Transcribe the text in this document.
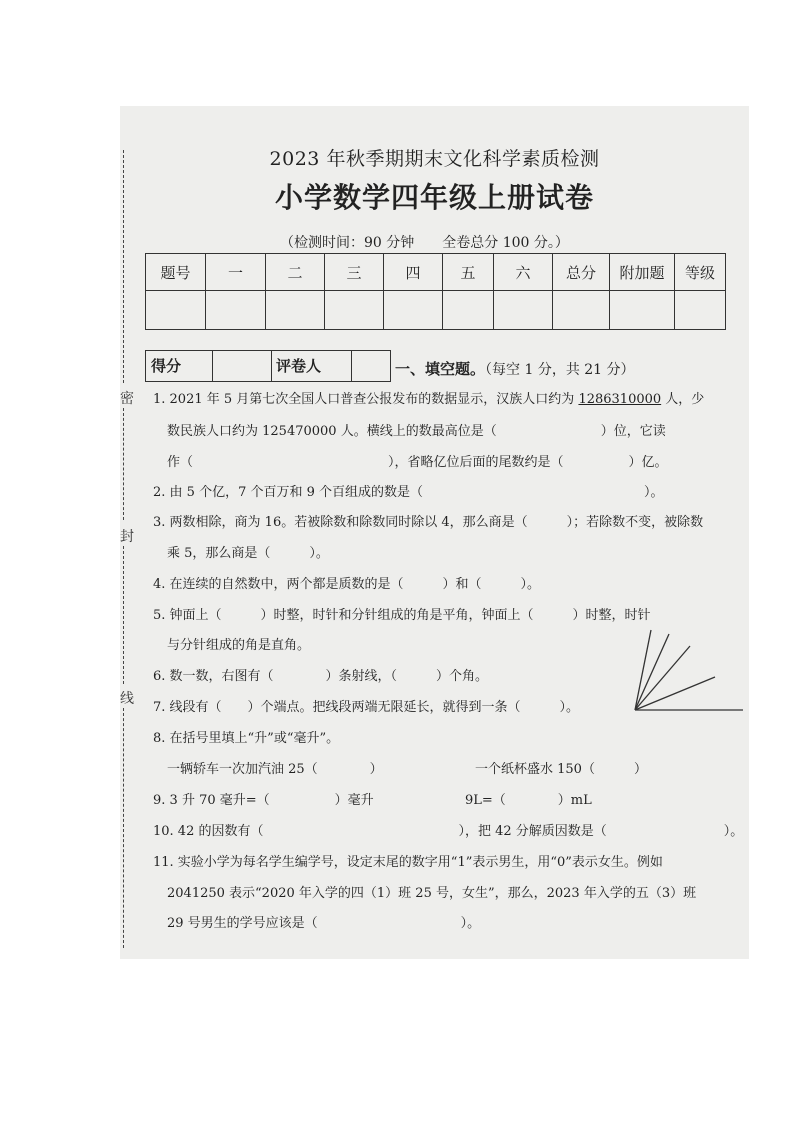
密
封
线
2023 年秋季期期末文化科学素质检测
小学数学四年级上册试卷
（检测时间：90 分钟　　全卷总分 100 分。）
题号	一	二	三	四	五	六	总分	附加题	等级

得分	评卷人	一、填空题。（每空 1 分，共 21 分）
1. 2021 年 5 月第七次全国人口普查公报发布的数据显示，汉族人口约为 1286310000 人，少
数民族人口约为 125470000 人。横线上的数最高位是（　　　　　　　　）位，它读
作（　　　　　　　　　　　　　　　），省略亿位后面的尾数约是（　　　　　）亿。
2. 由 5 个亿，7 个百万和 9 个百组成的数是（　　　　　　　　　　　　　　　　　）。
3. 两数相除，商为 16。若被除数和除数同时除以 4，那么商是（　　　）；若除数不变，被除数
乘 5，那么商是（　　　）。
4. 在连续的自然数中，两个都是质数的是（　　　）和（　　　）。
5. 钟面上（　　　）时整，时针和分针组成的角是平角，钟面上（　　　）时整，时针
与分针组成的角是直角。
6. 数一数，右图有（　　　　）条射线，（　　　）个角。
7. 线段有（　　）个端点。把线段两端无限延长，就得到一条（　　　）。
8. 在括号里填上“升”或“毫升”。
一辆轿车一次加汽油 25（　　　　）	一个纸杯盛水 150（　　　）
9. 3 升 70 毫升=（　　　　　）毫升	9L=（　　　　）mL
10. 42 的因数有（　　　　　　　　　　　　　　　），把 42 分解质因数是（　　　　　　　　　）。
11. 实验小学为每名学生编学号，设定末尾的数字用“1”表示男生，用“0”表示女生。例如
2041250 表示“2020 年入学的四（1）班 25 号，女生”，那么，2023 年入学的五（3）班
29 号男生的学号应该是（　　　　　　　　　　　）。
